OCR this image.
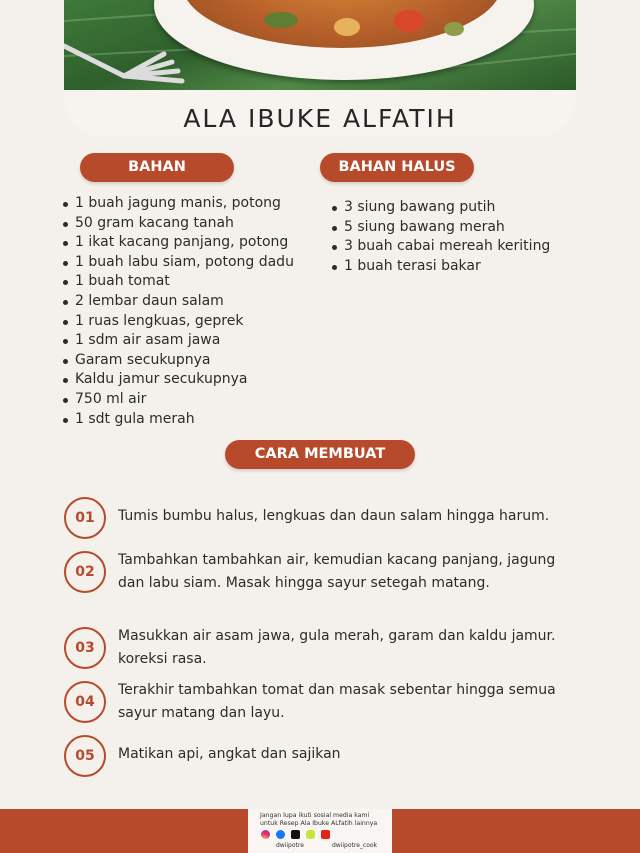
ALA IBUKE ALFATIH
BAHAN	BAHAN HALUS
1 buah jagung manis, potong
50 gram kacang tanah
1 ikat kacang panjang, potong
1 buah labu siam, potong dadu
1 buah tomat
2 lembar daun salam
1 ruas lengkuas, geprek
1 sdm air asam jawa
Garam secukupnya
Kaldu jamur secukupnya
750 ml air
1 sdt gula merah
3 siung bawang putih
5 siung bawang merah
3 buah cabai mereah keriting
1 buah terasi bakar
CARA MEMBUAT
01	Tumis bumbu halus, lengkuas dan daun salam hingga harum.
02
Tambahkan tambahkan air, kemudian kacang panjang, jagung dan labu siam. Masak hingga sayur setegah matang.
03
Masukkan air asam jawa, gula merah, garam dan kaldu jamur. koreksi rasa.
04
Terakhir tambahkan tomat dan masak sebentar hingga semua sayur matang dan layu.
05	Matikan api, angkat dan sajikan
Jangan lupa ikuti sosial media kami
untuk Resep Ala Ibuke ALfatih lainnya
dwiipotre	dwiipotre_cook
